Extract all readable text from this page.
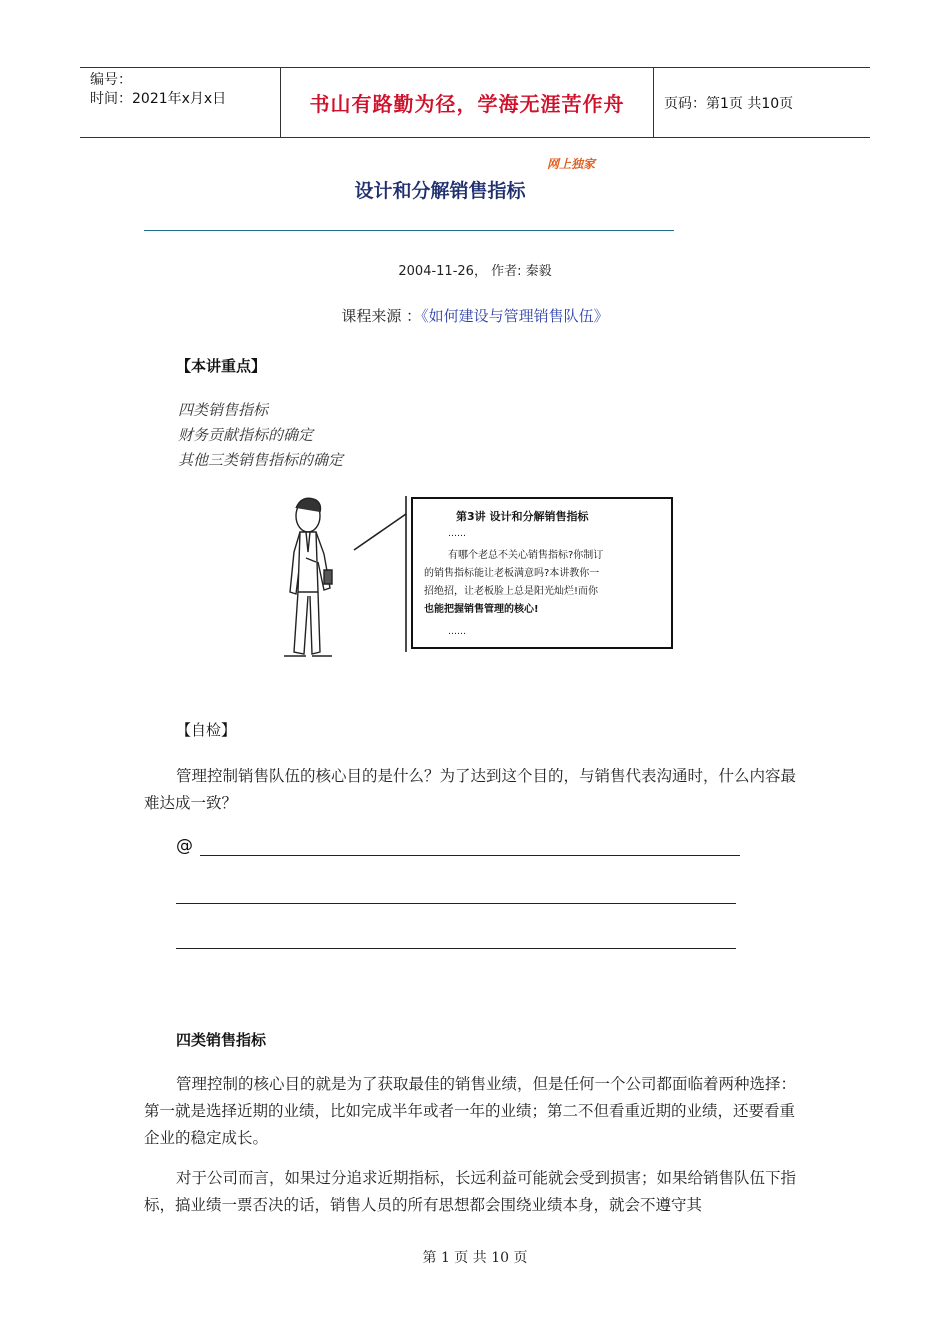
编号：
时间：2021年x月x日	书山有路勤为径，学海无涯苦作舟	页码：第1页 共10页
网上独家
设计和分解销售指标
2004-11-26， 作者: 秦毅
课程来源 ：《如何建设与管理销售队伍》
【本讲重点】
四类销售指标
财务贡献指标的确定
其他三类销售指标的确定
第3讲 设计和分解销售指标
……
有哪个老总不关心销售指标?你制订
的销售指标能让老板满意吗?本讲教你一
招绝招，让老板脸上总是阳光灿烂!而你
也能把握销售管理的核心!
……
【自检】

管理控制销售队伍的核心目的是什么？为了达到这个目的，与销售代表沟通时，什么内容最难达成一致？

@
四类销售指标

管理控制的核心目的就是为了获取最佳的销售业绩，但是任何一个公司都面临着两种选择：第一就是选择近期的业绩，比如完成半年或者一年的业绩；第二不但看重近期的业绩，还要看重企业的稳定成长。

对于公司而言，如果过分追求近期指标，长远利益可能就会受到损害；如果给销售队伍下指标，搞业绩一票否决的话，销售人员的所有思想都会围绕业绩本身，就会不遵守其

第 1 页 共 10 页
